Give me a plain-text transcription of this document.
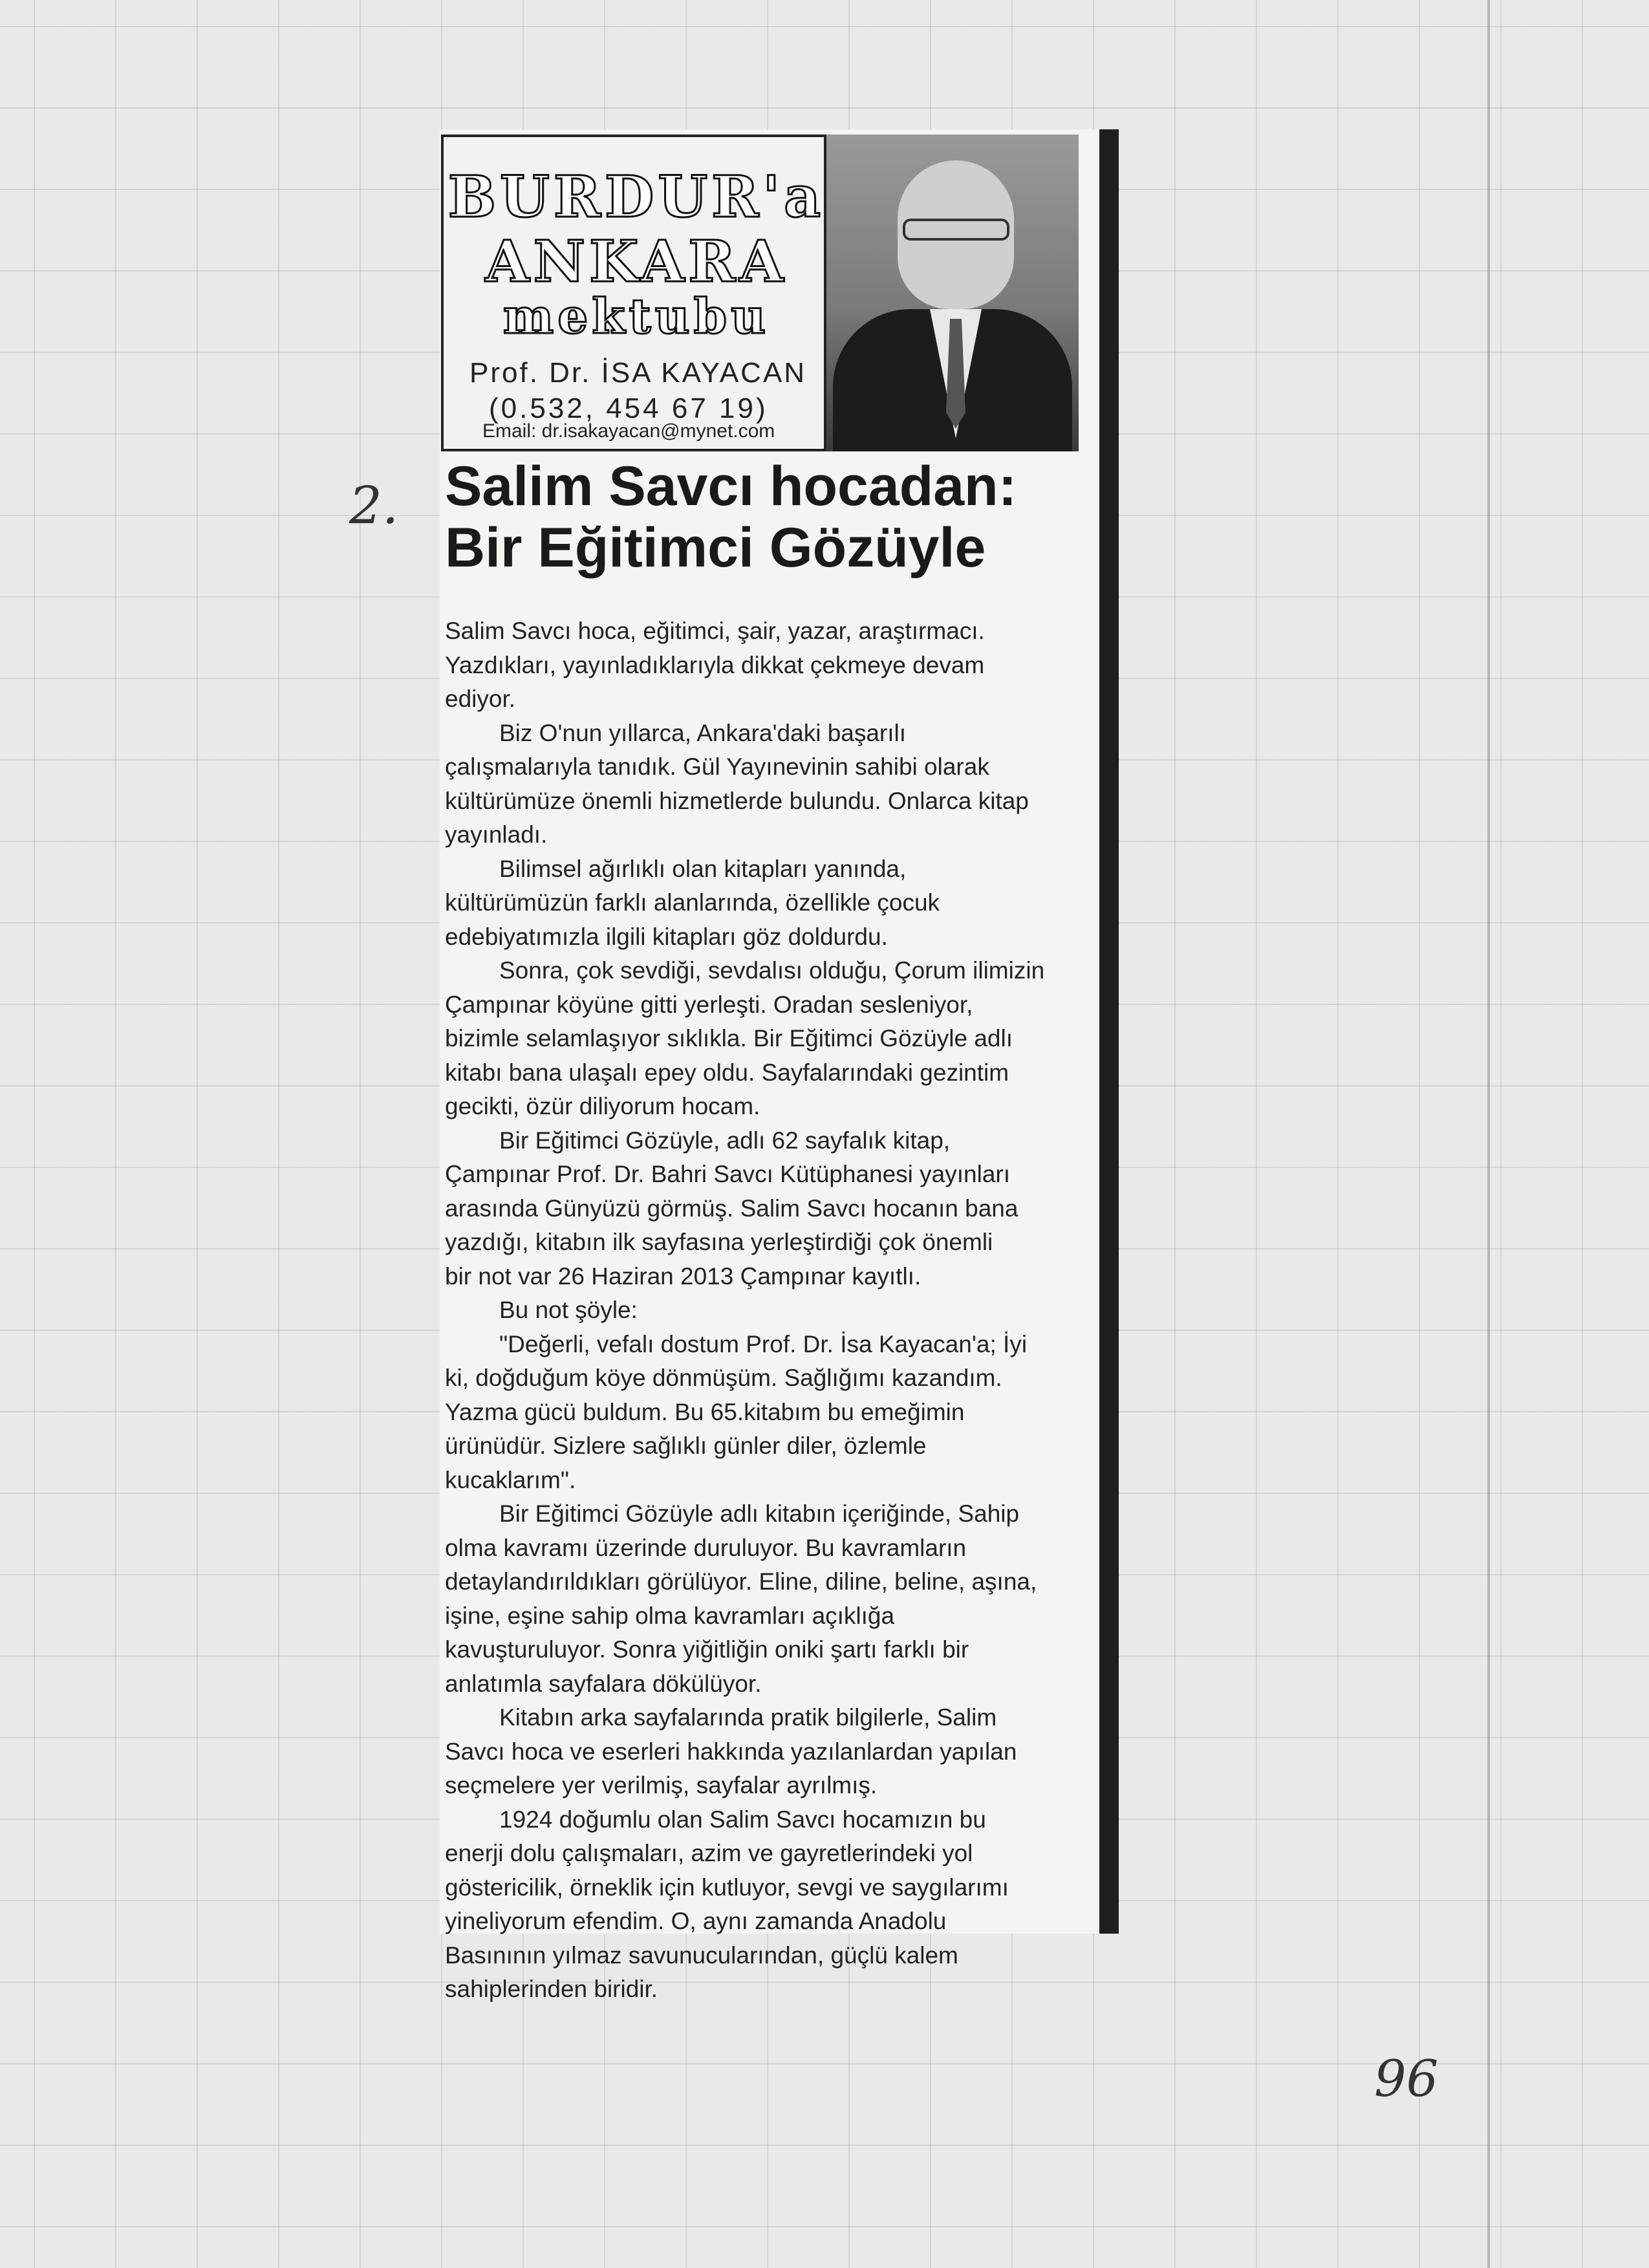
BURDUR'a
ANKARA
mektubu
Prof. Dr. İSA KAYACAN
(0.532, 454 67 19)
Email: dr.isakayacan@mynet.com
2. Salim Savcı hocadan:
Bir Eğitimci Gözüyle

Salim Savcı hoca, eğitimci, şair, yazar, araştırmacı.
Yazdıkları, yayınladıklarıyla dikkat çekmeye devam
ediyor.

Biz O'nun yıllarca, Ankara'daki başarılı
çalışmalarıyla tanıdık. Gül Yayınevinin sahibi olarak
kültürümüze önemli hizmetlerde bulundu. Onlarca kitap
yayınladı.

Bilimsel ağırlıklı olan kitapları yanında,
kültürümüzün farklı alanlarında, özellikle çocuk
edebiyatımızla ilgili kitapları göz doldurdu.

Sonra, çok sevdiği, sevdalısı olduğu, Çorum ilimizin
Çampınar köyüne gitti yerleşti. Oradan sesleniyor,
bizimle selamlaşıyor sıklıkla. Bir Eğitimci Gözüyle adlı
kitabı bana ulaşalı epey oldu. Sayfalarındaki gezintim
gecikti, özür diliyorum hocam.

Bir Eğitimci Gözüyle, adlı 62 sayfalık kitap,
Çampınar Prof. Dr. Bahri Savcı Kütüphanesi yayınları
arasında Günyüzü görmüş. Salim Savcı hocanın bana
yazdığı, kitabın ilk sayfasına yerleştirdiği çok önemli
bir not var 26 Haziran 2013 Çampınar kayıtlı.

Bu not şöyle:

"Değerli, vefalı dostum Prof. Dr. İsa Kayacan'a; İyi
ki, doğduğum köye dönmüşüm. Sağlığımı kazandım.
Yazma gücü buldum. Bu 65.kitabım bu emeğimin
ürünüdür. Sizlere sağlıklı günler diler, özlemle
kucaklarım".

Bir Eğitimci Gözüyle adlı kitabın içeriğinde, Sahip
olma kavramı üzerinde duruluyor. Bu kavramların
detaylandırıldıkları görülüyor. Eline, diline, beline, aşına,
işine, eşine sahip olma kavramları açıklığa
kavuşturuluyor. Sonra yiğitliğin oniki şartı farklı bir
anlatımla sayfalara dökülüyor.

Kitabın arka sayfalarında pratik bilgilerle, Salim
Savcı hoca ve eserleri hakkında yazılanlardan yapılan
seçmelere yer verilmiş, sayfalar ayrılmış.

1924 doğumlu olan Salim Savcı hocamızın bu
enerji dolu çalışmaları, azim ve gayretlerindeki yol
göstericilik, örneklik için kutluyor, sevgi ve saygılarımı
yineliyorum efendim. O, aynı zamanda Anadolu
Basınının yılmaz savunucularından, güçlü kalem
sahiplerinden biridir.

96
